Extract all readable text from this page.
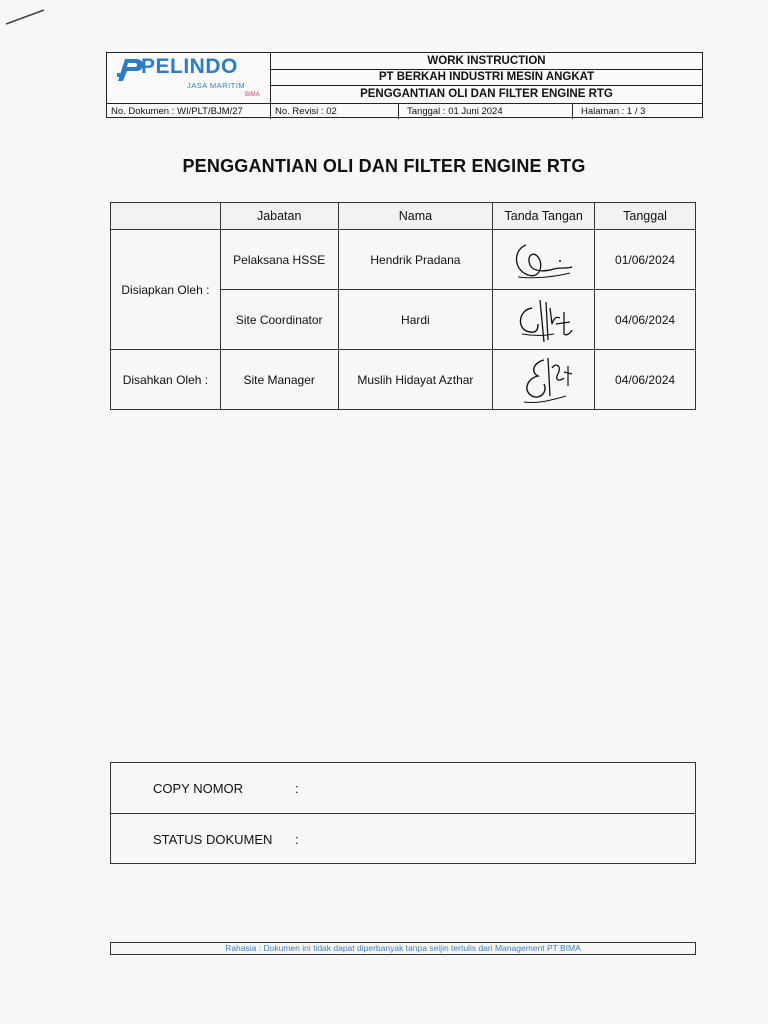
PELINDO
JASA MARITIM
BIMA
WORK INSTRUCTION
PT BERKAH INDUSTRI MESIN ANGKAT
PENGGANTIAN OLI DAN FILTER ENGINE RTG
No. Dokumen : WI/PLT/BJM/27	No. Revisi : 02	Tanggal : 01 Juni 2024	Halaman : 1 / 3
PENGGANTIAN OLI DAN FILTER ENGINE RTG
	Jabatan	Nama	Tanda Tangan	Tanggal
Disiapkan Oleh :	Pelaksana HSSE	Hendrik Pradana		01/06/2024
	Site Coordinator	Hardi		04/06/2024
Disahkan Oleh :	Site Manager	Muslih Hidayat Azthar		04/06/2024
COPY NOMOR	:
STATUS DOKUMEN :
Rahasia : Dokumen ini tidak dapat diperbanyak tanpa seijin tertulis dari Management PT BIMA
